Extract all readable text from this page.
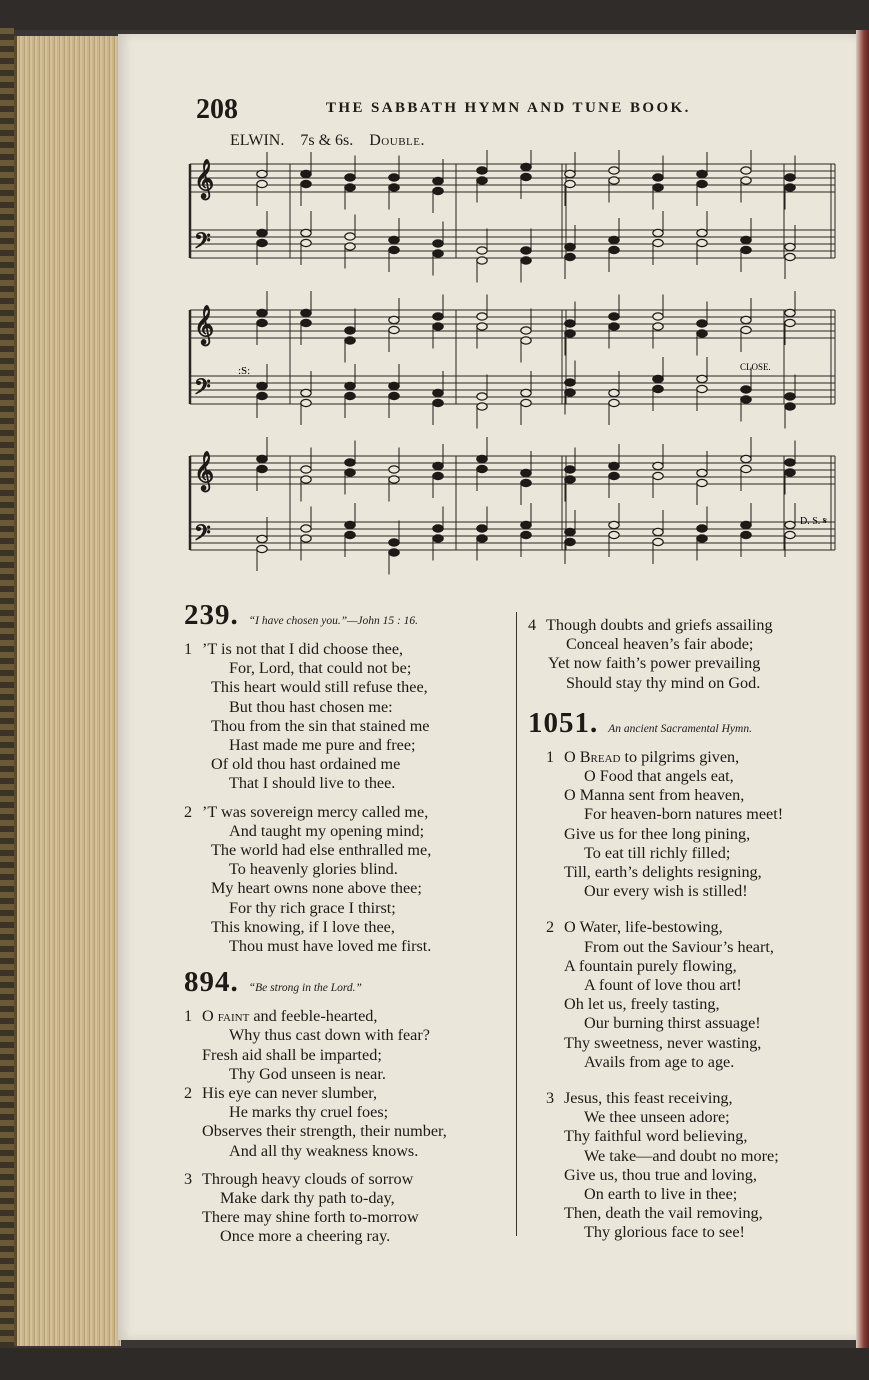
208	THE SABBATH HYMN AND TUNE BOOK.
ELWIN. 7s & 6s. Double.
𝄞
𝄢
𝄞
𝄢
𝄞
𝄢
CLOSE.
:S:
D. S. 𝄋
239. “I have chosen you.”—John 15 : 16.
1 ’T is not that I did choose thee,
For, Lord, that could not be;
This heart would still refuse thee,
But thou hast chosen me:
Thou from the sin that stained me
Hast made me pure and free;
Of old thou hast ordained me
That I should live to thee.
2 ’T was sovereign mercy called me,
And taught my opening mind;
The world had else enthralled me,
To heavenly glories blind.
My heart owns none above thee;
For thy rich grace I thirst;
This knowing, if I love thee,
Thou must have loved me first.
894. “Be strong in the Lord.”
1 O faint and feeble-hearted,
Why thus cast down with fear?
Fresh aid shall be imparted;
Thy God unseen is near.
2 His eye can never slumber,
He marks thy cruel foes;
Observes their strength, their number,
And all thy weakness knows.
3 Through heavy clouds of sorrow
Make dark thy path to-day,
There may shine forth to-morrow
Once more a cheering ray.
4 Though doubts and griefs assailing
Conceal heaven’s fair abode;
Yet now faith’s power prevailing
Should stay thy mind on God.
1051. An ancient Sacramental Hymn.
1 O Bread to pilgrims given,
O Food that angels eat,
O Manna sent from heaven,
For heaven-born natures meet!
Give us for thee long pining,
To eat till richly filled;
Till, earth’s delights resigning,
Our every wish is stilled!
2 O Water, life-bestowing,
From out the Saviour’s heart,
A fountain purely flowing,
A fount of love thou art!
Oh let us, freely tasting,
Our burning thirst assuage!
Thy sweetness, never wasting,
Avails from age to age.
3 Jesus, this feast receiving,
We thee unseen adore;
Thy faithful word believing,
We take—and doubt no more;
Give us, thou true and loving,
On earth to live in thee;
Then, death the vail removing,
Thy glorious face to see!
